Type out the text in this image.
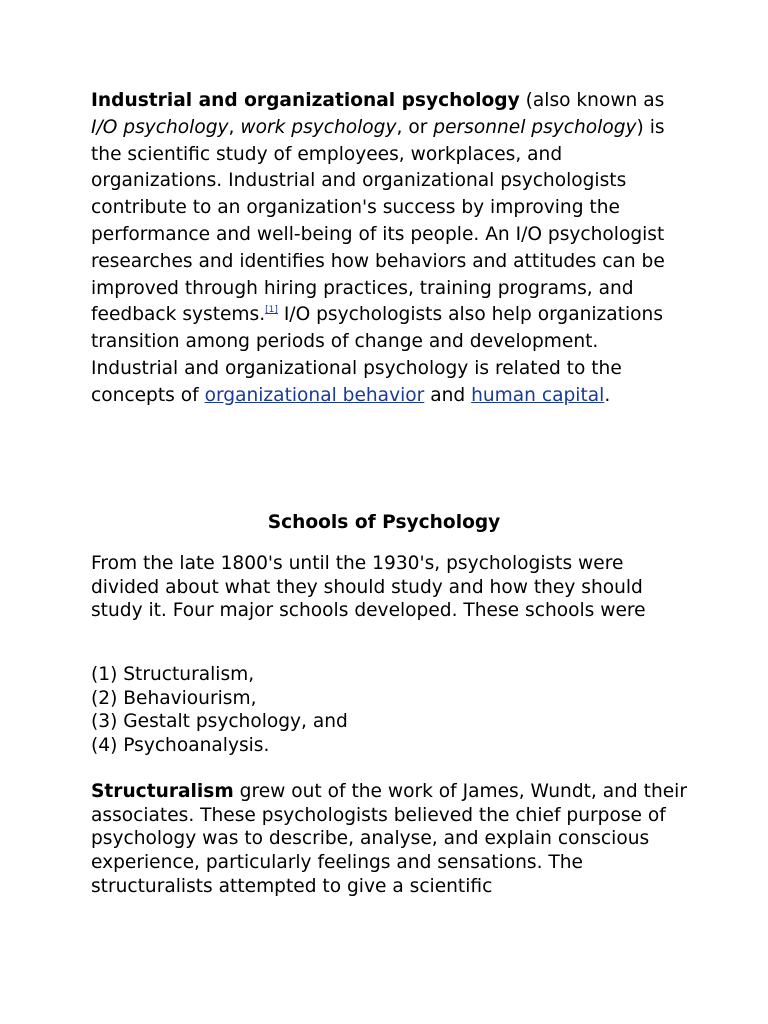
Industrial and organizational psychology (also known as I/O psychology, work psychology, or personnel psychology) is the scientific study of employees, workplaces, and organizations. Industrial and organizational psychologists contribute to an organization's success by improving the performance and well-being of its people. An I/O psychologist researches and identifies how behaviors and attitudes can be improved through hiring practices, training programs, and feedback systems.[1] I/O psychologists also help organizations transition among periods of change and development. Industrial and organizational psychology is related to the concepts of organizational behavior and human capital.

Schools of Psychology

From the late 1800's until the 1930's, psychologists were divided about what they should study and how they should study it. Four major schools developed. These schools were

(1) Structuralism,
(2) Behaviourism,
(3) Gestalt psychology, and
(4) Psychoanalysis.

Structuralism grew out of the work of James, Wundt, and their associates. These psychologists believed the chief purpose of psychology was to describe, analyse, and explain conscious experience, particularly feelings and sensations. The structuralists attempted to give a scientific
